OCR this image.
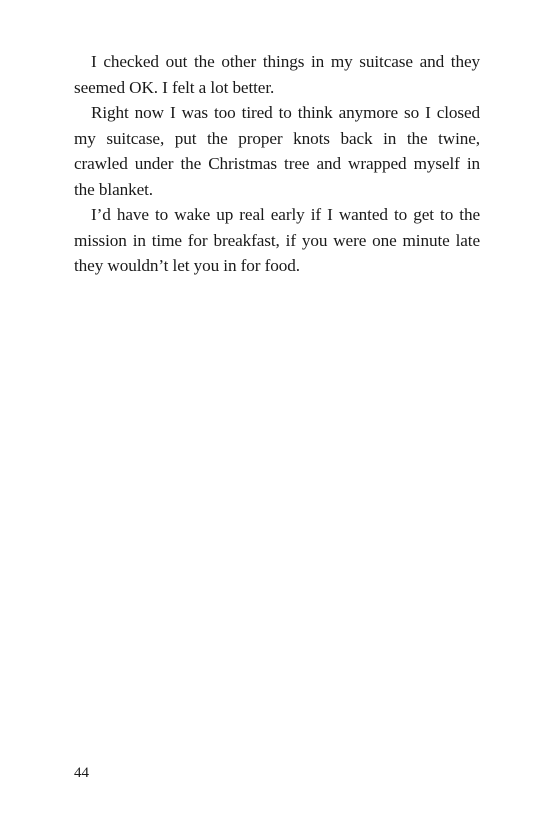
I checked out the other things in my suitcase and they seemed OK. I felt a lot better.

Right now I was too tired to think anymore so I closed my suitcase, put the proper knots back in the twine, crawled under the Christmas tree and wrapped myself in the blanket.

I’d have to wake up real early if I wanted to get to the mission in time for breakfast, if you were one minute late they wouldn’t let you in for food.

44
